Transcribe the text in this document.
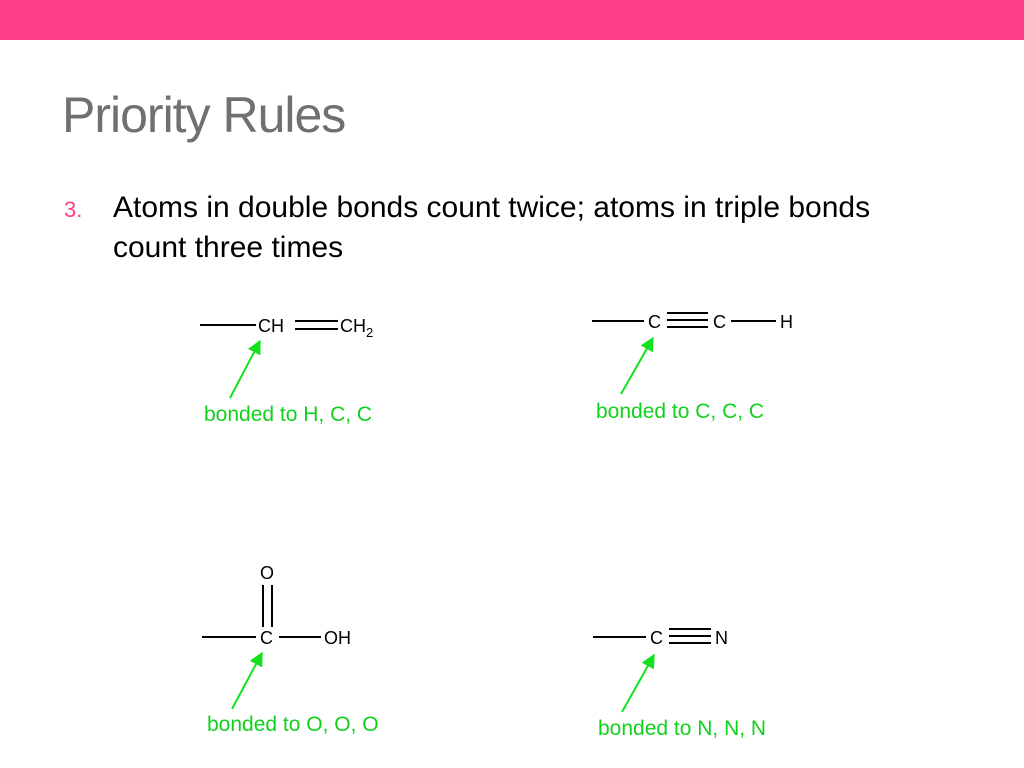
Priority Rules
3. Atoms in double bonds count twice; atoms in triple bonds count three times
CH	$CH_2$
bonded to H, C, C
C	C	H
bonded to C, C, C
O
C	OH
bonded to O, O, O
C	N
bonded to N, N, N
